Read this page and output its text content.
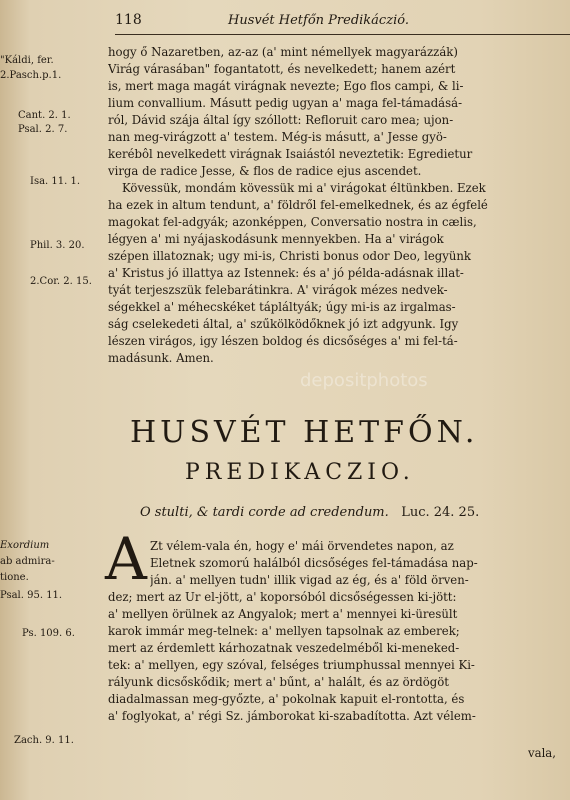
118	Husvét Hetfőn Predikáczió.
"Káldi, fer.
2.Pasch.p.1.
Cant. 2. 1.
Psal. 2. 7.
Isa. 11. 1.
Phil. 3. 20.
2.Cor. 2. 15.
hogy ő Nazaretben, az-az (a' mint némellyek magyarázzák)
Virág várasában" fogantatott, és nevelkedett; hanem azért
is, mert maga magát virágnak nevezte; Ego flos campi, & li-
lium convallium. Másutt pedig ugyan a' maga fel-támadásá-
ról, Dávid szája által így szóllott: Refloruit caro mea; ujon-
nan meg-virágzott a' testem. Még-is másutt, a' Jesse gyö-
kerébôl nevelkedett virágnak Isaiástól neveztetik: Egredietur
virga de radice Jesse, & flos de radice ejus ascendet.
Kövessük, mondám kövessük mi a' virágokat éltünkben. Ezek
ha ezek in altum tendunt, a' földről fel-emelkednek, és az égfelé
magokat fel-adgyák; azonképpen, Conversatio nostra in cælis,
légyen a' mi nyájaskodásunk mennyekben. Ha a' virágok
szépen illatoznak; ugy mi-is, Christi bonus odor Deo, legyünk
a' Kristus jó illattya az Istennek: és a' jó példa-adásnak illat-
tyát terjeszszük felebarátinkra. A' virágok mézes nedvek-
ségekkel a' méhecskéket tápláltyák; úgy mi-is az irgalmas-
ság cselekedeti által, a' szűkölködőknek jó izt adgyunk. Igy
lészen virágos, igy lészen boldog és dicsőséges a' mi fel-tá-
madásunk. Amen.
HUSVÉT HETFŐN.
PREDIKACZIO.
O stulti, & tardi corde ad credendum. Luc. 24. 25.
Exordium
ab admira-
tione.
Psal. 95. 11.
Ps. 109. 6.
Zach. 9. 11.
A Zt vélem-vala én, hogy e' mái örvendetes napon, az
Eletnek szomorú halálból dicsőséges fel-támadása nap-
ján. a' mellyen tudn' illik vigad az ég, és a' föld örven-
dez; mert az Ur el-jött, a' koporsóból dicsőségessen ki-jött:
a' mellyen örülnek az Angyalok; mert a' mennyei ki-üresült
karok immár meg-telnek: a' mellyen tapsolnak az emberek;
mert az érdemlett kárhozatnak veszedelméből ki-meneked-
tek: a' mellyen, egy szóval, felséges triumphussal mennyei Ki-
rályunk dicsőskődik; mert a' bűnt, a' halált, és az ördögöt
diadalmassan meg-győzte, a' pokolnak kapuit el-rontotta, és
a' foglyokat, a' régi Sz. jámborokat ki-szabadította. Azt vélem-
vala,
depositphotos
